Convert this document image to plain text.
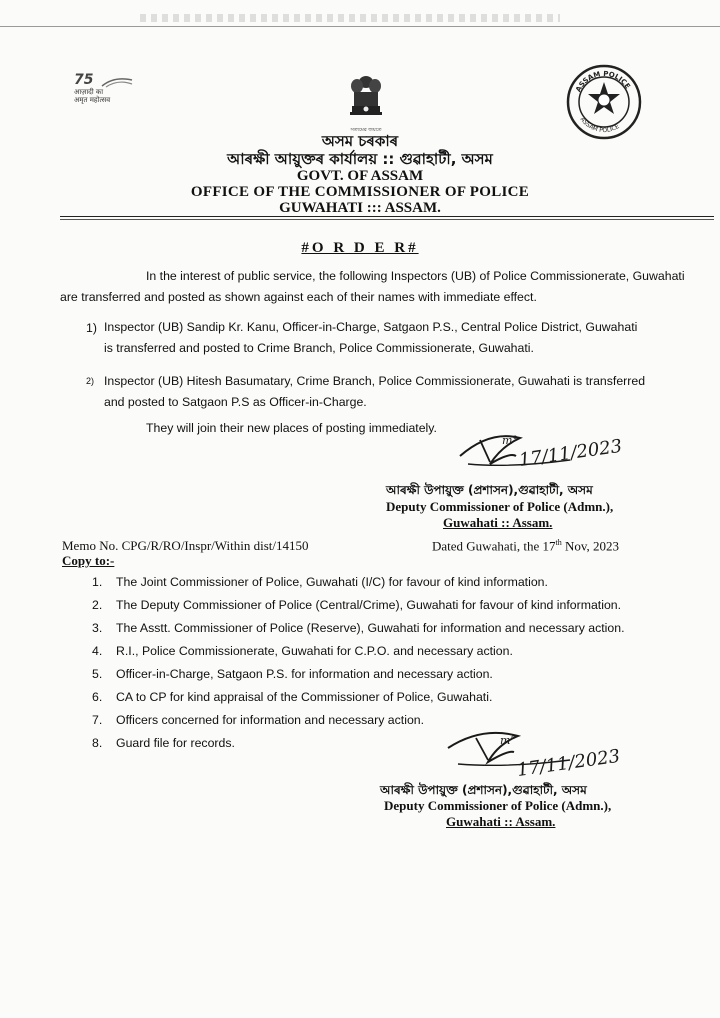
75
आज़ादी का
अमृत महोत्सव
সত্যমেৱ জয়তে
ASSAM POLICE
ASSAM POLICE
অসম চৰকাৰ
আৰক্ষী আয়ুক্তৰ কাৰ্যালয় :: গুৱাহাটী, অসম
GOVT. OF ASSAM
OFFICE OF THE COMMISSIONER OF POLICE
GUWAHATI ::: ASSAM.
#O R D E R#
In the interest of public service, the following Inspectors (UB) of Police Commissionerate, Guwahati are transferred and posted as shown against each of their names with immediate effect.
1) Inspector (UB) Sandip Kr. Kanu, Officer-in-Charge, Satgaon P.S., Central Police District, Guwahati
is transferred and posted to Crime Branch, Police Commissionerate, Guwahati.
2) Inspector (UB) Hitesh Basumatary, Crime Branch, Police Commissionerate, Guwahati is transferred
and posted to Satgaon P.S as Officer-in-Charge.
They will join their new places of posting immediately.
m° 17/11/2023
আৰক্ষী উপায়ুক্ত (প্ৰশাসন),গুৱাহাটী, অসম
Deputy Commissioner of Police (Admn.),
Guwahati :: Assam.
Memo No. CPG/R/RO/Inspr/Within dist/14150	Dated Guwahati, the 17th Nov, 2023
Copy to:-
1. The Joint Commissioner of Police, Guwahati (I/C) for favour of kind information.
2. The Deputy Commissioner of Police (Central/Crime), Guwahati for favour of kind information.
3. The Asstt. Commissioner of Police (Reserve), Guwahati for information and necessary action.
4. R.I., Police Commissionerate, Guwahati for C.P.O. and necessary action.
5. Officer-in-Charge, Satgaon P.S. for information and necessary action.
6. CA to CP for kind appraisal of the Commissioner of Police, Guwahati.
7. Officers concerned for information and necessary action.
8. Guard file for records.	m°
17/11/2023
আৰক্ষী উপায়ুক্ত (প্ৰশাসন),গুৱাহাটী, অসম
Deputy Commissioner of Police (Admn.),
Guwahati :: Assam.
